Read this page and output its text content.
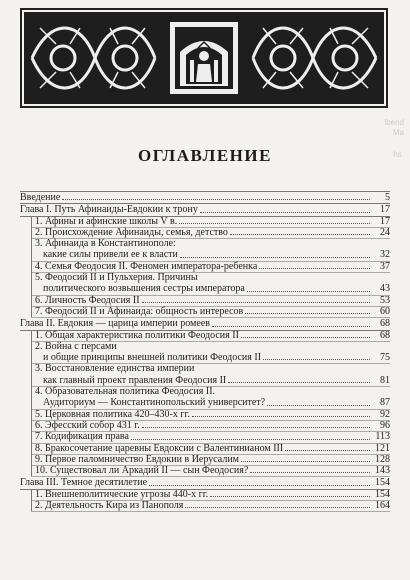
lbend
Ma
hs.
ОГЛАВЛЕНИЕ
Введение	5
Глава I. Путь Афинаиды-Евдокии к трону	17
1. Афины и афинские школы V в.	17
2. Происхождение Афинаиды, семья, детство	24
3. Афинаида в Константинополе:
какие силы привели ее к власти	32
4. Семья Феодосия II. Феномен императора-ребенка	37
5. Феодосий II и Пульхерия. Причины
политического возвышения сестры императора	43
6. Личность Феодосия II	53
7. Феодосий II и Афинаида: общность интересов	60
Глава II. Евдокия — царица империи ромеев	68
1. Общая характеристика политики Феодосия II	68
2. Война с персами
и общие принципы внешней политики Феодосия II	75
3. Восстановление единства империи
как главный проект правления Феодосия II	81
4. Образовательная политика Феодосия II.
Аудиториум — Константинопольский университет?	87
5. Церковная политика 420–430-х гг.	92
6. Эфесский собор 431 г.	96
7. Кодификация права	113
8. Бракосочетание царевны Евдоксии с Валентинианом III	121
9. Первое паломничество Евдокии в Иерусалим	128
10. Существовал ли Аркадий II — сын Феодосия?	143
Глава III. Темное десятилетие	154
1. Внешнеполитические угрозы 440-х гг.	154
2. Деятельность Кира из Панополя	164
